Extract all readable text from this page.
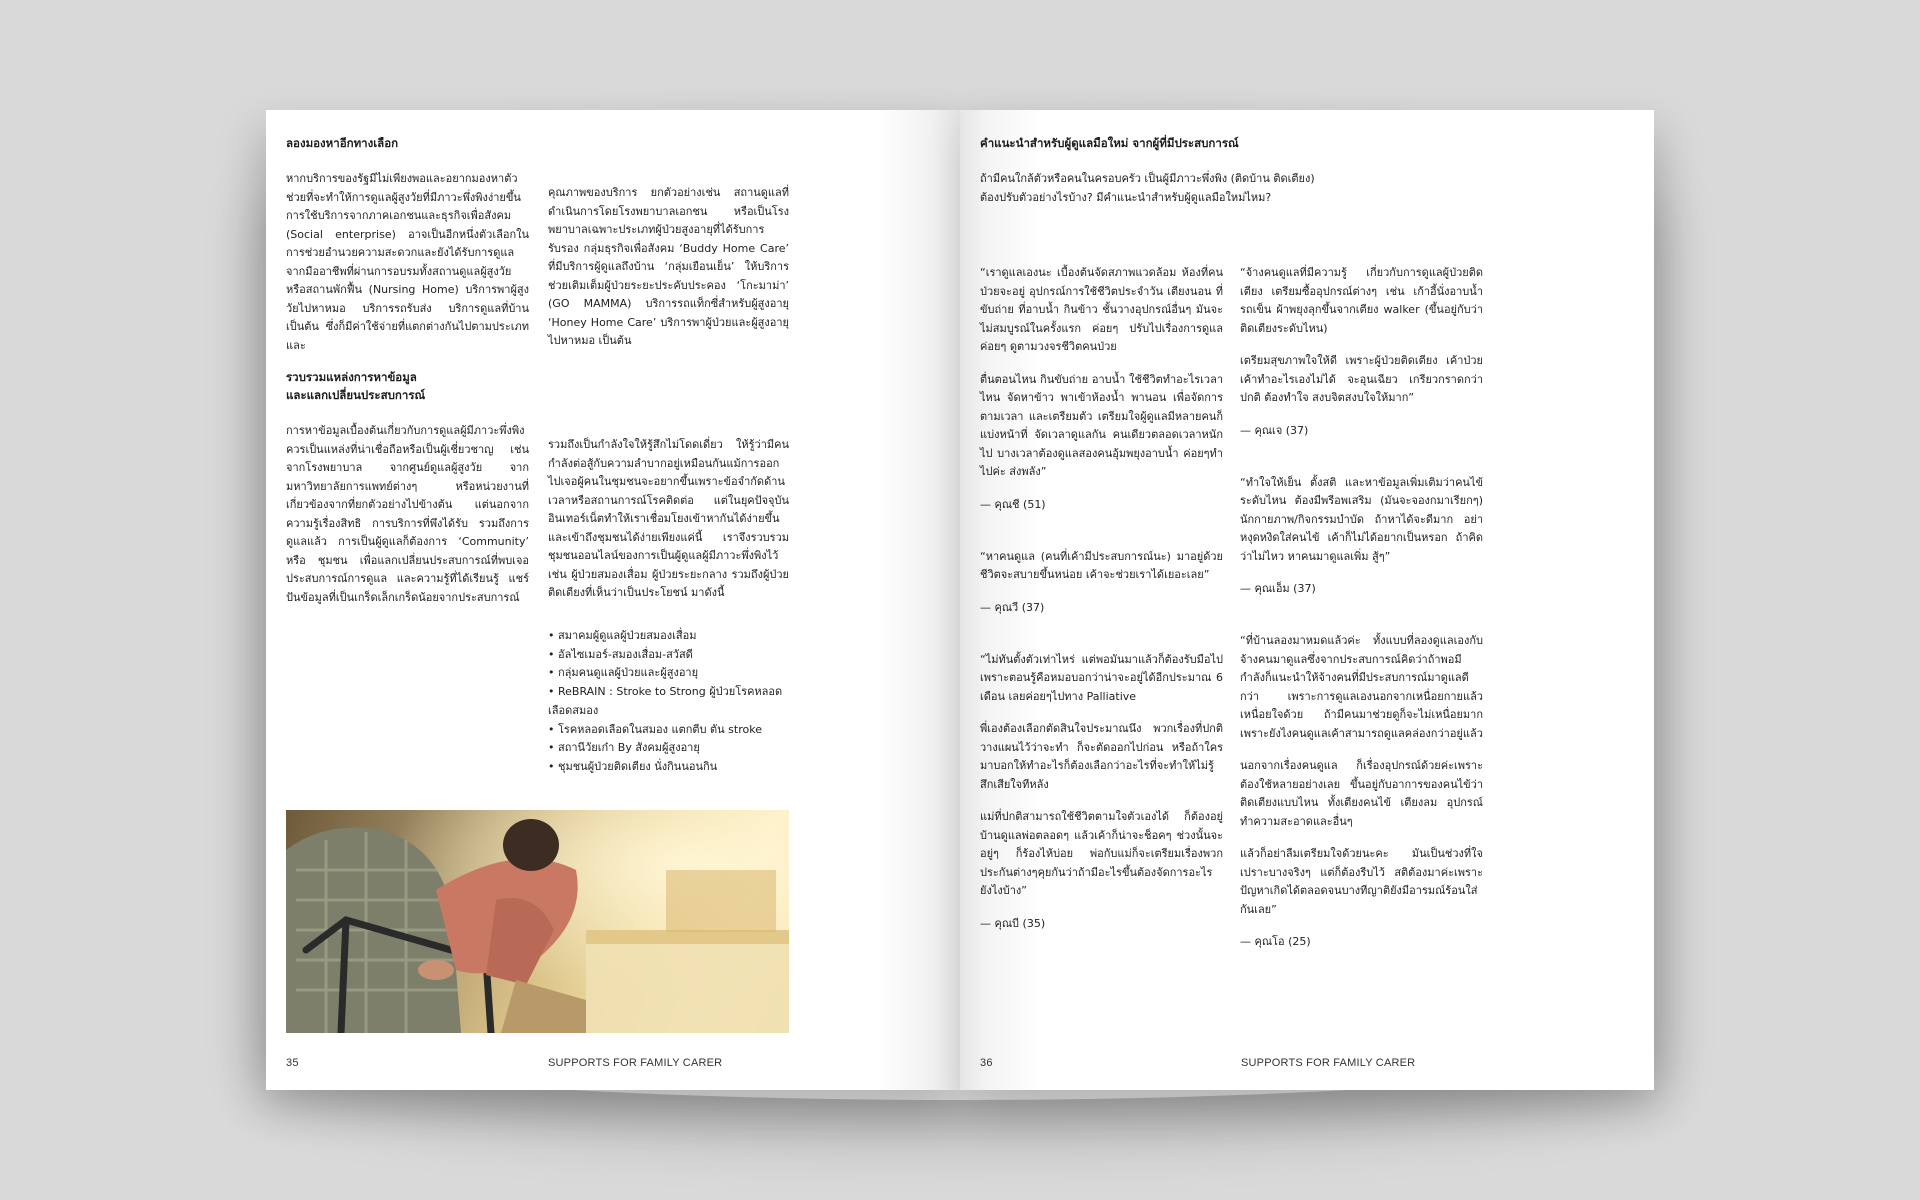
ลองมองหาอีกทางเลือก

หากบริการของรัฐมีไม่เพียงพอและอยากมองหาตัวช่วยที่จะทำให้การดูแลผู้สูงวัยที่มีภาวะพึ่งพิงง่ายขึ้น การใช้บริการจากภาคเอกชนและธุรกิจเพื่อสังคม (Social enterprise) อาจเป็นอีกหนึ่งตัวเลือกในการช่วยอำนวยความสะดวกและยังได้รับการดูแลจากมืออาชีพที่ผ่านการอบรมทั้งสถานดูแลผู้สูงวัยหรือสถานพักฟื้น (Nursing Home) บริการพาผู้สูงวัยไปหาหมอ บริการรถรับส่ง บริการดูแลที่บ้าน เป็นต้น ซึ่งก็มีค่าใช้จ่ายที่แตกต่างกันไปตามประเภทและ

คุณภาพของบริการ ยกตัวอย่างเช่น สถานดูแลที่ดำเนินการโดยโรงพยาบาลเอกชน หรือเป็นโรงพยาบาลเฉพาะประเภทผู้ป่วยสูงอายุที่ได้รับการรับรอง กลุ่มธุรกิจเพื่อสังคม ‘Buddy Home Care’ ที่มีบริการผู้ดูแลถึงบ้าน ‘กลุ่มเยือนเย็น’ ให้บริการช่วยเติมเต็มผู้ป่วยระยะประคับประคอง ‘โกะมาม่า’ (GO MAMMA) บริการรถแท็กซี่สำหรับผู้สูงอายุ ‘Honey Home Care’ บริการพาผู้ป่วยและผู้สูงอายุไปหาหมอ เป็นต้น

รวบรวมแหล่งการหาข้อมูล
และแลกเปลี่ยนประสบการณ์

การหาข้อมูลเบื้องต้นเกี่ยวกับการดูแลผู้มีภาวะพึ่งพิงควรเป็นแหล่งที่น่าเชื่อถือหรือเป็นผู้เชี่ยวชาญ เช่น จากโรงพยาบาล จากศูนย์ดูแลผู้สูงวัย จากมหาวิทยาลัยการแพทย์ต่างๆ หรือหน่วยงานที่เกี่ยวข้องจากที่ยกตัวอย่างไปข้างต้น แต่นอกจากความรู้เรื่องสิทธิ การบริการที่พึงได้รับ รวมถึงการดูแลแล้ว การเป็นผู้ดูแลก็ต้องการ ‘Community’ หรือ ชุมชน เพื่อแลกเปลี่ยนประสบการณ์ที่พบเจอประสบการณ์การดูแล และความรู้ที่ได้เรียนรู้ แชร์ปันข้อมูลที่เป็นเกร็ดเล็กเกร็ดน้อยจากประสบการณ์

รวมถึงเป็นกำลังใจให้รู้สึกไม่โดดเดี่ยว ให้รู้ว่ามีคนกำลังต่อสู้กับความลำบากอยู่เหมือนกันแม้การออกไปเจอผู้คนในชุมชนจะอยากขึ้นเพราะข้อจำกัดด้านเวลาหรือสถานการณ์โรคติดต่อ แต่ในยุคปัจจุบันอินเทอร์เน็ตทำให้เราเชื่อมโยงเข้าหากันได้ง่ายขึ้นและเข้าถึงชุมชนได้ง่ายเพียงแค่นี้ เราจึงรวบรวมชุมชนออนไลน์ของการเป็นผู้ดูแลผู้มีภาวะพึ่งพิงไว้ เช่น ผู้ป่วยสมองเสื่อม ผู้ป่วยระยะกลาง รวมถึงผู้ป่วยติดเตียงที่เห็นว่าเป็นประโยชน์ มาดังนี้

• สมาคมผู้ดูแลผู้ป่วยสมองเสื่อม
• อัลไซเมอร์-สมองเสื่อม-สวัสดี
• กลุ่มคนดูแลผู้ป่วยและผู้สูงอายุ
• ReBRAIN : Stroke to Strong ผู้ป่วยโรคหลอดเลือดสมอง
• โรคหลอดเลือดในสมอง แตกตีบ ตัน stroke
• สถานีวัยเก๋า By สังคมผู้สูงอายุ
• ชุมชนผู้ป่วยติดเตียง นั่งกินนอนกิน
35	SUPPORTS FOR FAMILY CARER
คำแนะนำสำหรับผู้ดูแลมือใหม่ จากผู้ที่มีประสบการณ์
ถ้ามีคนใกล้ตัวหรือคนในครอบครัว เป็นผู้มีภาวะพึ่งพิง (ติดบ้าน ติดเตียง)
ต้องปรับตัวอย่างไรบ้าง? มีคำแนะนำสำหรับผู้ดูแลมือใหม่ไหม?

“เราดูแลเองนะ เบื้องต้นจัดสภาพแวดล้อม ห้องที่คนป่วยจะอยู่ อุปกรณ์การใช้ชีวิตประจำวัน เตียงนอน ที่ขับถ่าย ที่อาบน้ำ กินข้าว ชั้นวางอุปกรณ์อื่นๆ มันจะไม่สมบูรณ์ในครั้งแรก ค่อยๆ ปรับไปเรื่องการดูแล ค่อยๆ ดูตามวงจรชีวิตคนป่วย

ตื่นตอนไหน กินขับถ่าย อาบน้ำ ใช้ชีวิตทำอะไรเวลาไหน จัดหาข้าว พาเข้าห้องน้ำ พานอน เพื่อจัดการตามเวลา และเตรียมตัว เตรียมใจผู้ดูแลมีหลายคนก็แบ่งหน้าที่ จัดเวลาดูแลกัน คนเดียวตลอดเวลาหนักไป บางเวลาต้องดูแลสองคนอุ้มพยุงอาบน้ำ ค่อยๆทำไปค่ะ ส่งพลัง”

— คุณชี (51)

“หาคนดูแล (คนที่เค้ามีประสบการณ์นะ) มาอยู่ด้วย ชีวิตจะสบายขึ้นหน่อย เค้าจะช่วยเราได้เยอะเลย”

— คุณวี (37)

“ไม่ทันตั้งตัวเท่าไหร่ แต่พอมันมาแล้วก็ต้องรับมือไป เพราะตอนรู้คือหมอบอกว่าน่าจะอยู่ได้อีกประมาณ 6 เดือน เลยค่อยๆไปทาง Palliative

พี่เองต้องเลือกตัดสินใจประมาณนึง พวกเรื่องที่ปกติวางแผนไว้ว่าจะทำ ก็จะตัดออกไปก่อน หรือถ้าใครมาบอกให้ทำอะไรก็ต้องเลือกว่าอะไรที่จะทำให้ไม่รู้สึกเสียใจทีหลัง

แม่ที่ปกติสามารถใช้ชีวิตตามใจตัวเองได้ ก็ต้องอยู่บ้านดูแลพ่อตลอดๆ แล้วเค้าก็น่าจะช็อคๆ ช่วงนั้นจะอยู่ๆ ก็ร้องไห้บ่อย พ่อกับแม่ก็จะเตรียมเรื่องพวกประกันต่างๆคุยกันว่าถ้ามีอะไรขึ้นต้องจัดการอะไรยังไงบ้าง”

— คุณบี (35)

“จ้างคนดูแลที่มีความรู้ เกี่ยวกับการดูแลผู้ป่วยติดเตียง เตรียมซื้ออุปกรณ์ต่างๆ เช่น เก้าอี้นั่งอาบน้ำ รถเข็น ผ้าพยุงลุกขึ้นจากเตียง walker (ขึ้นอยู่กับว่าติดเตียงระดับไหน)

เตรียมสุขภาพใจให้ดี เพราะผู้ป่วยติดเตียง เค้าป่วย เค้าทำอะไรเองไม่ได้ จะอุนเฉียว เกรียวกราดกว่าปกติ ต้องทำใจ สงบจิตสงบใจให้มาก”

— คุณเจ (37)

“ทำใจให้เย็น ตั้งสติ และหาข้อมูลเพิ่มเติมว่าคนไข้ระดับไหน ต้องมีพรีอพเสริม (มันจะจองกมาเรียกๆ) นักกายภาพ/กิจกรรมบำบัด ถ้าหาได้จะดีมาก อย่าหงุดหงิดใส่คนไข้ เค้าก็ไม่ได้อยากเป็นหรอก ถ้าคิดว่าไม่ไหว หาคนมาดูแลเพิ่ม สู้ๆ”

— คุณเอ็ม (37)

“ที่บ้านลองมาหมดแล้วค่ะ ทั้งแบบที่ลองดูแลเองกับจ้างคนมาดูแลซึ่งจากประสบการณ์คิดว่าถ้าพอมีกำลังก็แนะนำให้จ้างคนที่มีประสบการณ์มาดูแลดีกว่า เพราะการดูแลเองนอกจากเหนื่อยกายแล้วเหนื่อยใจด้วย ถ้ามีคนมาช่วยดูก็จะไม่เหนื่อยมากเพราะยังไงคนดูแลเค้าสามารถดูแลคล่องกว่าอยู่แล้ว

นอกจากเรื่องคนดูแล ก็เรื่องอุปกรณ์ด้วยค่ะเพราะต้องใช้หลายอย่างเลย ขึ้นอยู่กับอาการของคนไข้ว่าติดเตียงแบบไหน ทั้งเตียงคนไข้ เตียงลม อุปกรณ์ทำความสะอาดและอื่นๆ

แล้วก็อย่าลืมเตรียมใจด้วยนะคะ มันเป็นช่วงที่ใจเปราะบางจริงๆ แต่ก็ต้องรีบไว้ สติต้องมาค่ะเพราะปัญหาเกิดได้ตลอดจนบางทีญาติยังมีอารมณ์ร้อนใส่กันเลย”

— คุณโอ (25)

36	SUPPORTS FOR FAMILY CARER
